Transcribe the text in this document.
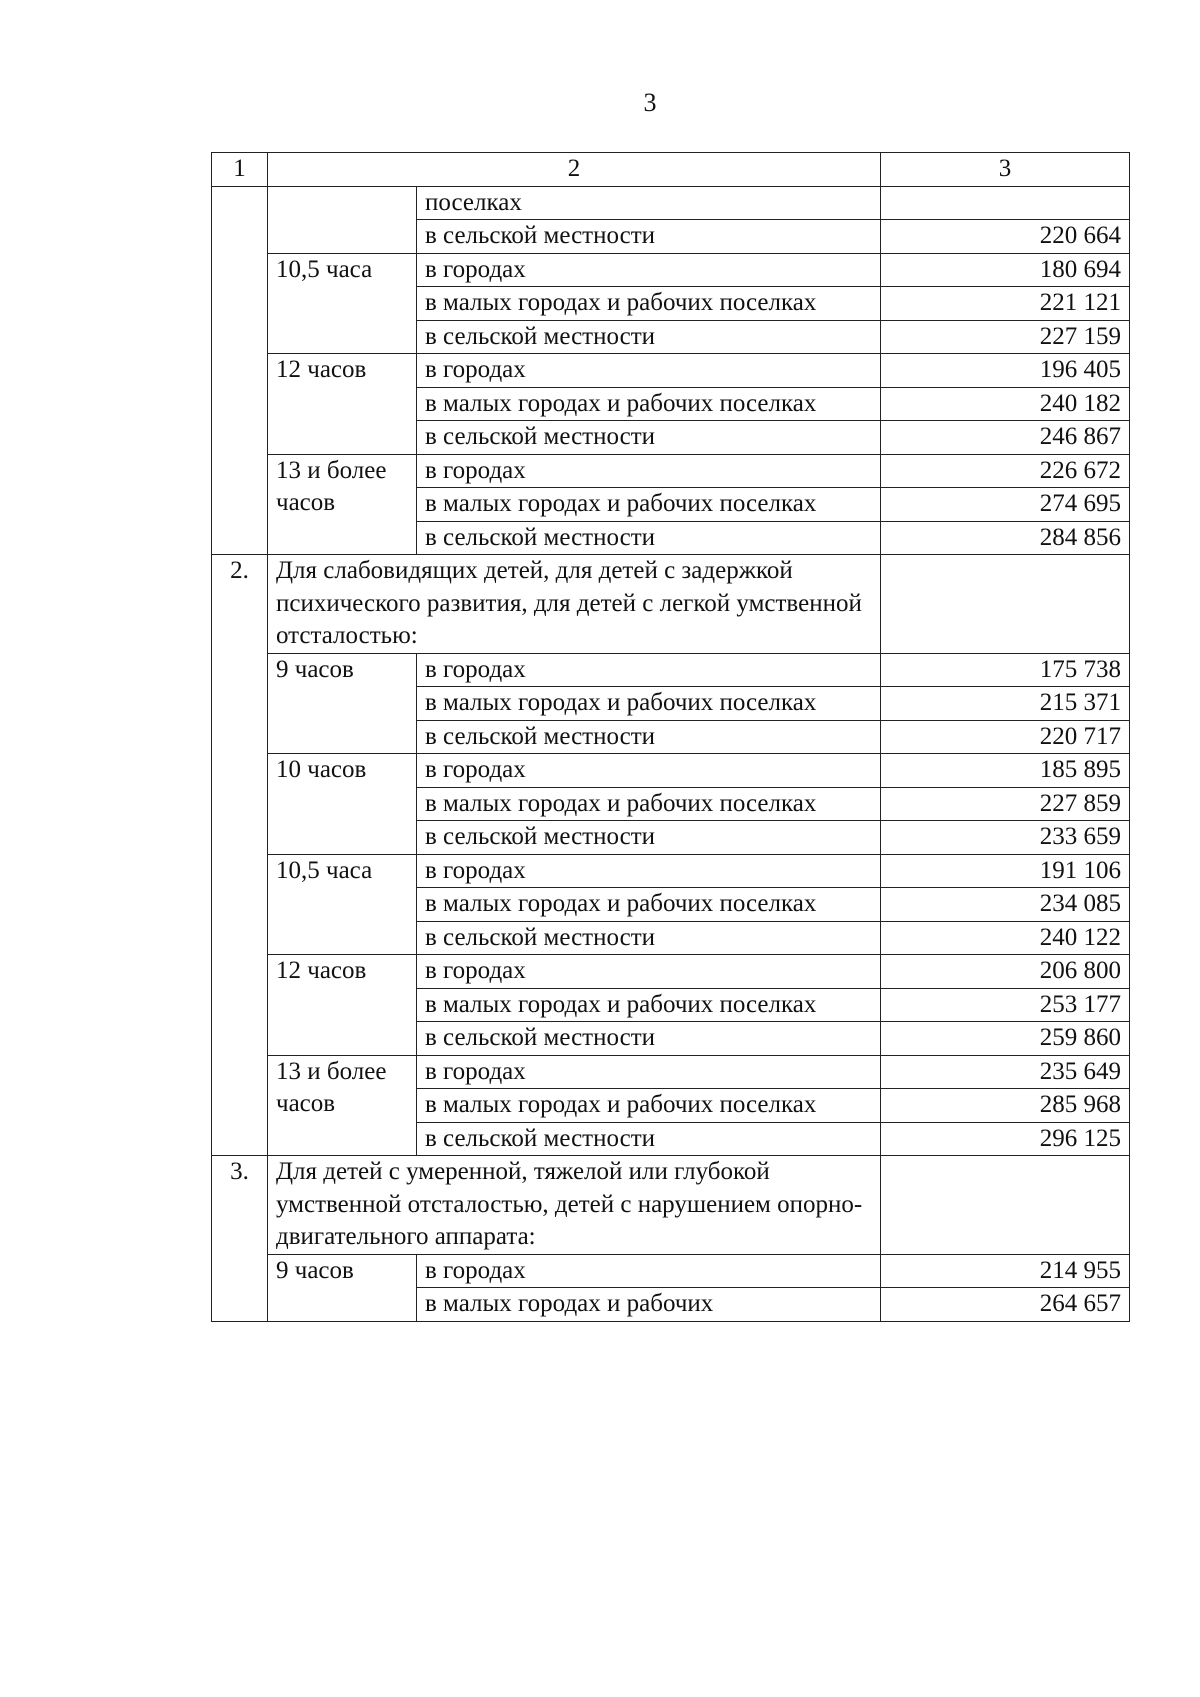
3
1	2		3
		поселках	
		в сельской местности	220 664
	10,5 часа	в городах	180 694
		в малых городах и рабочих поселках	221 121
		в сельской местности	227 159
	12 часов	в городах	196 405
		в малых городах и рабочих поселках	240 182
		в сельской местности	246 867
	13 и более часов	в городах	226 672
		в малых городах и рабочих поселках	274 695
		в сельской местности	284 856
2.	Для слабовидящих детей, для детей с задержкой психического развития, для детей с легкой умственной отсталостью:		
	9 часов	в городах	175 738
		в малых городах и рабочих поселках	215 371
		в сельской местности	220 717
	10 часов	в городах	185 895
		в малых городах и рабочих поселках	227 859
		в сельской местности	233 659
	10,5 часа	в городах	191 106
		в малых городах и рабочих поселках	234 085
		в сельской местности	240 122
	12 часов	в городах	206 800
		в малых городах и рабочих поселках	253 177
		в сельской местности	259 860
	13 и более часов	в городах	235 649
		в малых городах и рабочих поселках	285 968
		в сельской местности	296 125
3.	Для детей с умеренной, тяжелой или глубокой умственной отсталостью, детей с нарушением опорно-двигательного аппарата:		
	9 часов	в городах	214 955
		в малых городах и рабочих	264 657
